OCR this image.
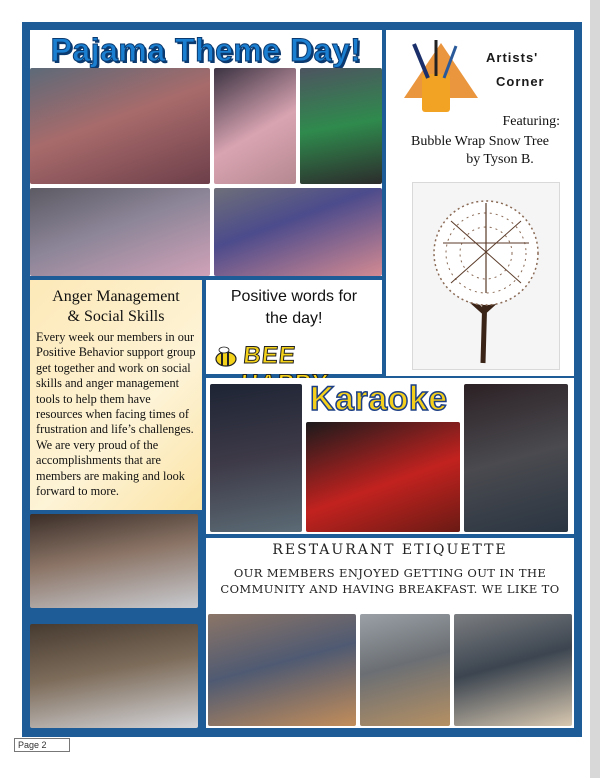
Pajama Theme Day!	Artists'
Corner
Featuring:
Bubble Wrap Snow Tree
by Tyson B.
Anger Management
& Social Skills
Every week our members in our Positive Behavior support group get together and work on social skills and anger management tools to help them have resources when facing times of frustration and life’s challenges. We are very proud of the accomplishments that are members are making and look forward to more.
Positive words for
the day!
BEE
Karaoke
RESTAURANT ETIQUETTE
OUR MEMBERS ENJOYED GETTING OUT IN THE
COMMUNITY AND HAVING BREAKFAST. WE LIKE TO
Page 2
